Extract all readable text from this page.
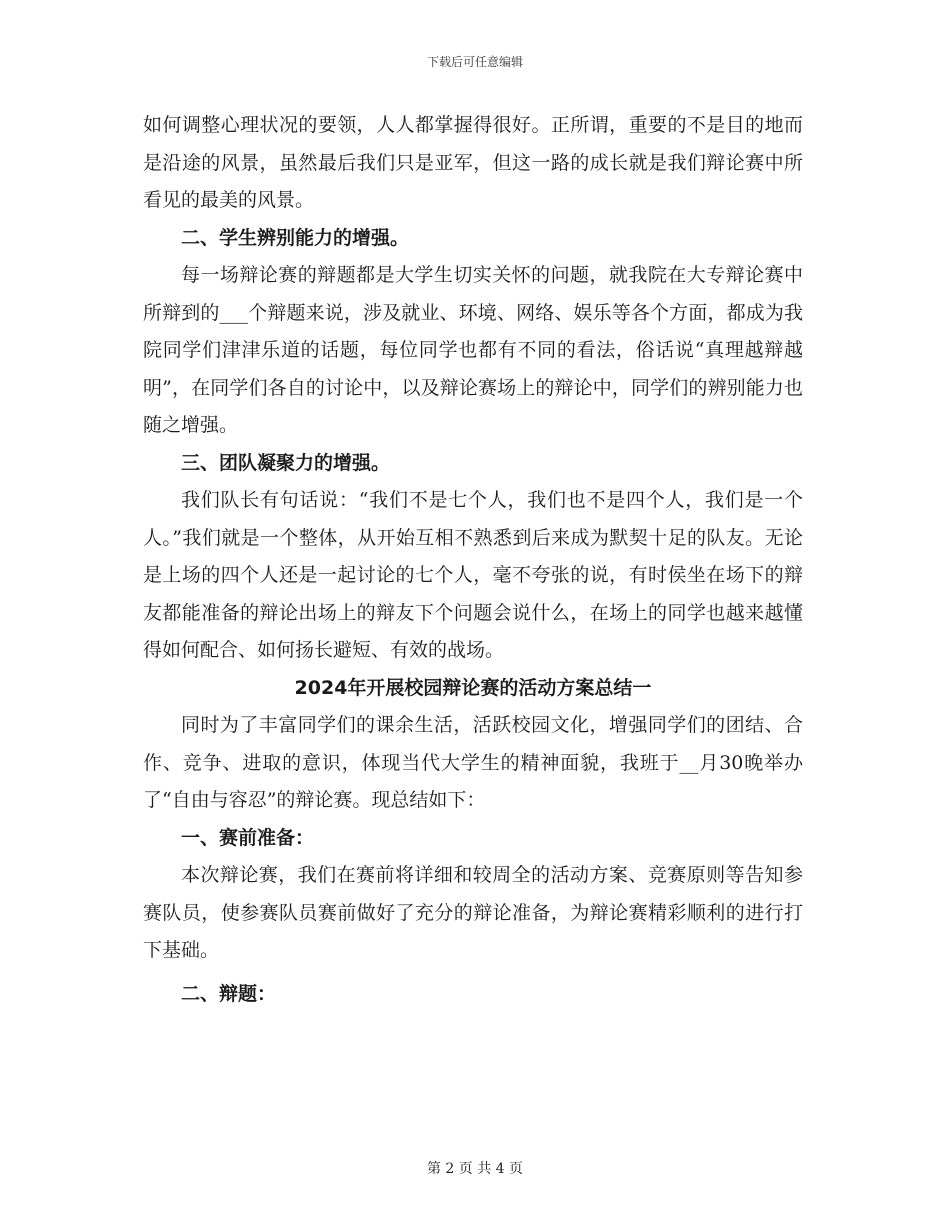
下载后可任意编辑

如何调整心理状况的要领，人人都掌握得很好。正所谓，重要的不是目的地而是沿途的风景，虽然最后我们只是亚军，但这一路的成长就是我们辩论赛中所看见的最美的风景。

二、学生辨别能力的增强。

每一场辩论赛的辩题都是大学生切实关怀的问题，就我院在大专辩论赛中所辩到的___个辩题来说，涉及就业、环境、网络、娱乐等各个方面，都成为我院同学们津津乐道的话题，每位同学也都有不同的看法，俗话说“真理越辩越明”，在同学们各自的讨论中，以及辩论赛场上的辩论中，同学们的辨别能力也随之增强。

三、团队凝聚力的增强。

我们队长有句话说：“我们不是七个人，我们也不是四个人，我们是一个人。”我们就是一个整体，从开始互相不熟悉到后来成为默契十足的队友。无论是上场的四个人还是一起讨论的七个人，毫不夸张的说，有时侯坐在场下的辩友都能准备的辩论出场上的辩友下个问题会说什么，在场上的同学也越来越懂得如何配合、如何扬长避短、有效的战场。

2024年开展校园辩论赛的活动方案总结一

同时为了丰富同学们的课余生活，活跃校园文化，增强同学们的团结、合作、竞争、进取的意识，体现当代大学生的精神面貌，我班于__月30晚举办了“自由与容忍”的辩论赛。现总结如下：

一、赛前准备：

本次辩论赛，我们在赛前将详细和较周全的活动方案、竞赛原则等告知参赛队员，使参赛队员赛前做好了充分的辩论准备，为辩论赛精彩顺利的进行打下基础。

二、辩题：

第 2 页 共 4 页
